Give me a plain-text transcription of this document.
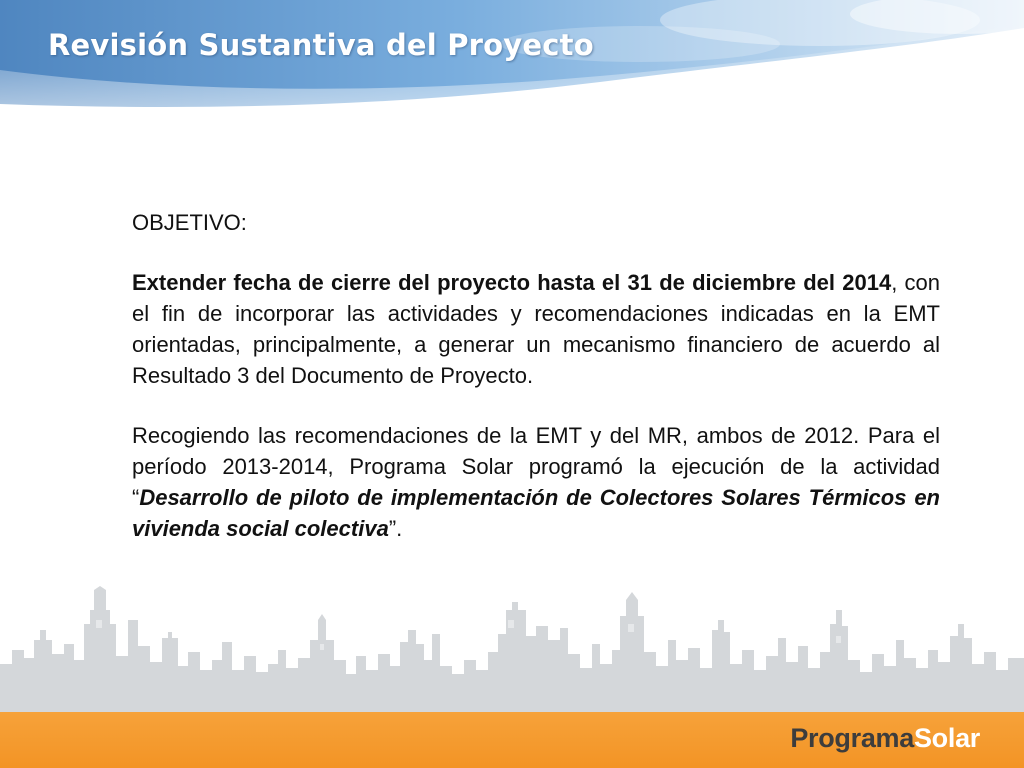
Revisión Sustantiva del Proyecto

OBJETIVO:

Extender fecha de cierre del proyecto hasta el 31 de diciembre del 2014, con el fin de incorporar las actividades y recomendaciones indicadas en la EMT orientadas, principalmente, a generar un mecanismo financiero de acuerdo al Resultado 3 del Documento de Proyecto.

Recogiendo las recomendaciones de la EMT y del MR, ambos de 2012. Para el período 2013-2014, Programa Solar programó la ejecución de la actividad “Desarrollo de piloto de implementación de Colectores Solares Térmicos en vivienda social colectiva”.

ProgramaSolar
